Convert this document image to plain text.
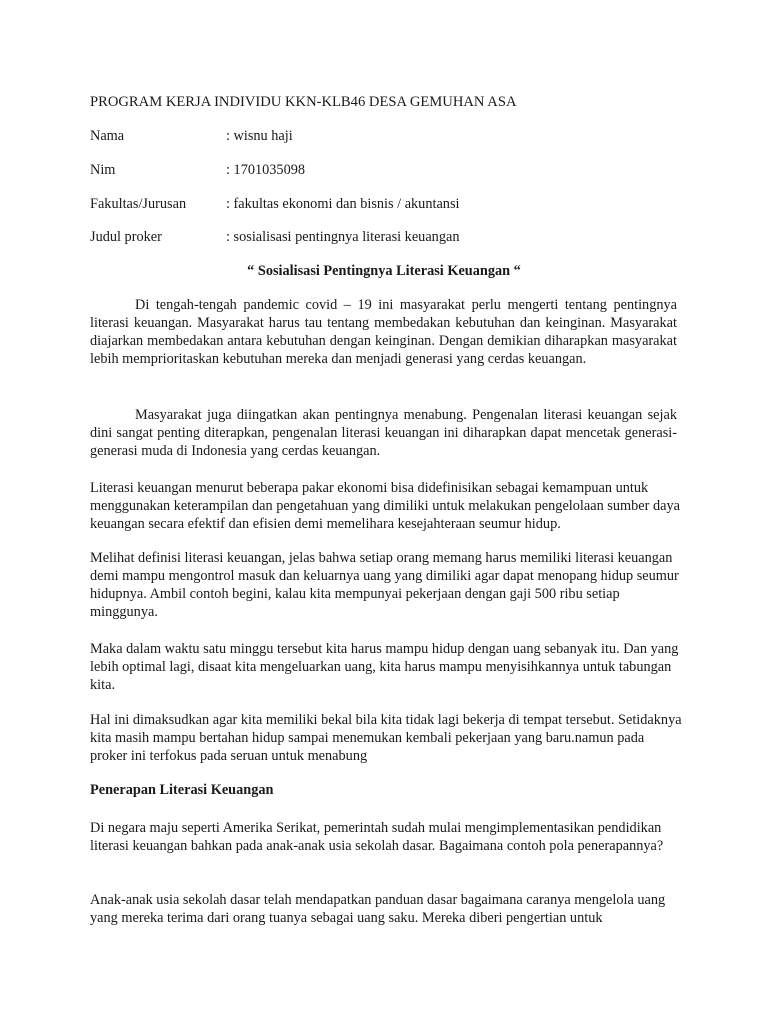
PROGRAM KERJA INDIVIDU KKN-KLB46 DESA GEMUHAN ASA
Nama	: wisnu haji
Nim	: 1701035098
Fakultas/Jurusan	: fakultas ekonomi dan bisnis / akuntansi
Judul proker	: sosialisasi pentingnya literasi keuangan
“ Sosialisasi Pentingnya Literasi Keuangan “

Di tengah-tengah pandemic covid – 19 ini masyarakat perlu mengerti tentang pentingnya literasi keuangan. Masyarakat harus tau tentang membedakan kebutuhan dan keinginan. Masyarakat diajarkan membedakan antara kebutuhan dengan keinginan. Dengan demikian diharapkan masyarakat lebih memprioritaskan kebutuhan mereka dan menjadi generasi yang cerdas keuangan.

Masyarakat juga diingatkan akan pentingnya menabung. Pengenalan literasi keuangan sejak dini sangat penting diterapkan, pengenalan literasi keuangan ini diharapkan dapat mencetak generasi-generasi muda di Indonesia yang cerdas keuangan.

Literasi keuangan menurut beberapa pakar ekonomi bisa didefinisikan sebagai kemampuan untuk menggunakan keterampilan dan pengetahuan yang dimiliki untuk melakukan pengelolaan sumber daya keuangan secara efektif dan efisien demi memelihara kesejahteraan seumur hidup.

Melihat definisi literasi keuangan, jelas bahwa setiap orang memang harus memiliki literasi keuangan demi mampu mengontrol masuk dan keluarnya uang yang dimiliki agar dapat menopang hidup seumur hidupnya. Ambil contoh begini, kalau kita mempunyai pekerjaan dengan gaji 500 ribu setiap minggunya.

Maka dalam waktu satu minggu tersebut kita harus mampu hidup dengan uang sebanyak itu. Dan yang lebih optimal lagi, disaat kita mengeluarkan uang, kita harus mampu menyisihkannya untuk tabungan kita.

Hal ini dimaksudkan agar kita memiliki bekal bila kita tidak lagi bekerja di tempat tersebut. Setidaknya kita masih mampu bertahan hidup sampai menemukan kembali pekerjaan yang baru.namun pada proker ini terfokus pada seruan untuk menabung

Penerapan Literasi Keuangan

Di negara maju seperti Amerika Serikat, pemerintah sudah mulai mengimplementasikan pendidikan literasi keuangan bahkan pada anak-anak usia sekolah dasar. Bagaimana contoh pola penerapannya?

Anak-anak usia sekolah dasar telah mendapatkan panduan dasar bagaimana caranya mengelola uang yang mereka terima dari orang tuanya sebagai uang saku. Mereka diberi pengertian untuk
